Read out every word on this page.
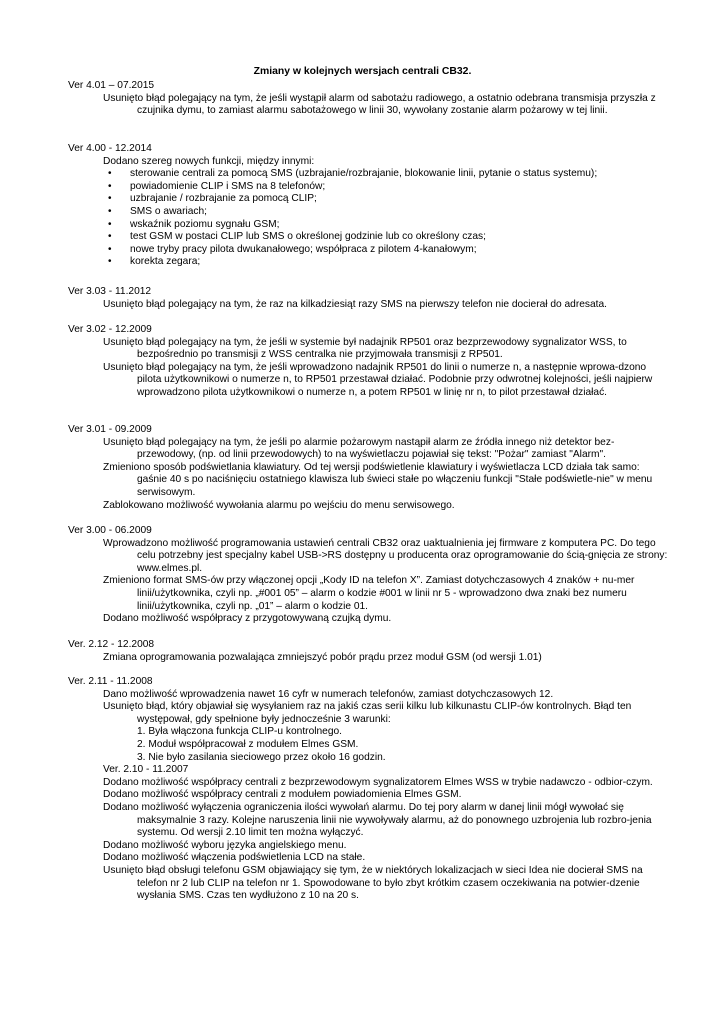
Zmiany w kolejnych wersjach centrali CB32.
Ver 4.01 – 07.2015
Usunięto błąd polegający na tym, że jeśli wystąpił alarm od sabotażu radiowego, a ostatnio odebrana transmisja przyszła z czujnika dymu, to zamiast alarmu sabotażowego w linii 30, wywołany zostanie alarm pożarowy w tej linii.
Ver 4.00 - 12.2014
Dodano szereg nowych funkcji, między innymi:
• sterowanie centrali za pomocą SMS (uzbrajanie/rozbrajanie, blokowanie linii, pytanie o status systemu);
• powiadomienie CLIP i SMS na 8 telefonów;
• uzbrajanie / rozbrajanie za pomocą CLIP;
• SMS o awariach;
• wskaźnik poziomu sygnału GSM;
• test GSM w postaci CLIP lub SMS o określonej godzinie lub co określony czas;
• nowe tryby pracy pilota dwukanałowego; współpraca z pilotem 4-kanałowym;
• korekta zegara;
Ver 3.03 - 11.2012
Usunięto błąd polegający na tym, że raz na kilkadziesiąt razy SMS na pierwszy telefon nie docierał do adresata.
Ver 3.02 - 12.2009
Usunięto błąd polegający na tym, że jeśli w systemie był nadajnik RP501 oraz bezprzewodowy sygnalizator WSS, to bezpośrednio po transmisji z WSS centralka nie przyjmowała transmisji z RP501.
Usunięto błąd polegający na tym, że jeśli wprowadzono nadajnik RP501 do linii o numerze n, a następnie wprowa-dzono pilota użytkownikowi o numerze n, to RP501 przestawał działać. Podobnie przy odwrotnej kolejności, jeśli najpierw wprowadzono pilota użytkownikowi o numerze n, a potem RP501 w linię nr n, to pilot przestawał działać.
Ver 3.01 - 09.2009
Usunięto błąd polegający na tym, że jeśli po alarmie pożarowym nastąpił alarm ze źródła innego niż detektor bez-przewodowy, (np. od linii przewodowych) to na wyświetlaczu pojawiał się tekst: "Pożar" zamiast "Alarm".
Zmieniono sposób podświetlania klawiatury. Od tej wersji podświetlenie klawiatury i wyświetlacza LCD działa tak samo: gaśnie 40 s po naciśnięciu ostatniego klawisza lub świeci stałe po włączeniu funkcji "Stałe podświetle-nie" w menu serwisowym.
Zablokowano możliwość wywołania alarmu po wejściu do menu serwisowego.
Ver 3.00 - 06.2009
Wprowadzono możliwość programowania ustawień centrali CB32 oraz uaktualnienia jej firmware z komputera PC. Do tego celu potrzebny jest specjalny kabel USB->RS dostępny u producenta oraz oprogramowanie do ścią-gnięcia ze strony: www.elmes.pl.
Zmieniono format SMS-ów przy włączonej opcji „Kody ID na telefon X”. Zamiast dotychczasowych 4 znaków + nu-mer linii/użytkownika, czyli np. „#001 05” – alarm o kodzie #001 w linii nr 5 - wprowadzono dwa znaki bez numeru linii/użytkownika, czyli np. „01” – alarm o kodzie 01.
Dodano możliwość współpracy z przygotowywaną czujką dymu.
Ver. 2.12 - 12.2008
Zmiana oprogramowania pozwalająca zmniejszyć pobór prądu przez moduł GSM (od wersji 1.01)
Ver. 2.11 - 11.2008
Dano możliwość wprowadzenia nawet 16 cyfr w numerach telefonów, zamiast dotychczasowych 12.
Usunięto błąd, który objawiał się wysyłaniem raz na jakiś czas serii kilku lub kilkunastu CLIP-ów kontrolnych. Błąd ten występował, gdy spełnione były jednocześnie 3 warunki:
1. Była włączona funkcja CLIP-u kontrolnego.
2. Moduł współpracował z modułem Elmes GSM.
3. Nie było zasilania sieciowego przez około 16 godzin.
Ver. 2.10 - 11.2007
Dodano możliwość współpracy centrali z bezprzewodowym sygnalizatorem Elmes WSS w trybie nadawczo - odbior-czym.
Dodano możliwość współpracy centrali z modułem powiadomienia Elmes GSM.
Dodano możliwość wyłączenia ograniczenia ilości wywołań alarmu. Do tej pory alarm w danej linii mógł wywołać się maksymalnie 3 razy. Kolejne naruszenia linii nie wywoływały alarmu, aż do ponownego uzbrojenia lub rozbro-jenia systemu. Od wersji 2.10 limit ten można wyłączyć.
Dodano możliwość wyboru języka angielskiego menu.
Dodano możliwość włączenia podświetlenia LCD na stałe.
Usunięto błąd obsługi telefonu GSM objawiający się tym, że w niektórych lokalizacjach w sieci Idea nie docierał SMS na telefon nr 2 lub CLIP na telefon nr 1. Spowodowane to było zbyt krótkim czasem oczekiwania na potwier-dzenie wysłania SMS. Czas ten wydłużono z 10 na 20 s.
